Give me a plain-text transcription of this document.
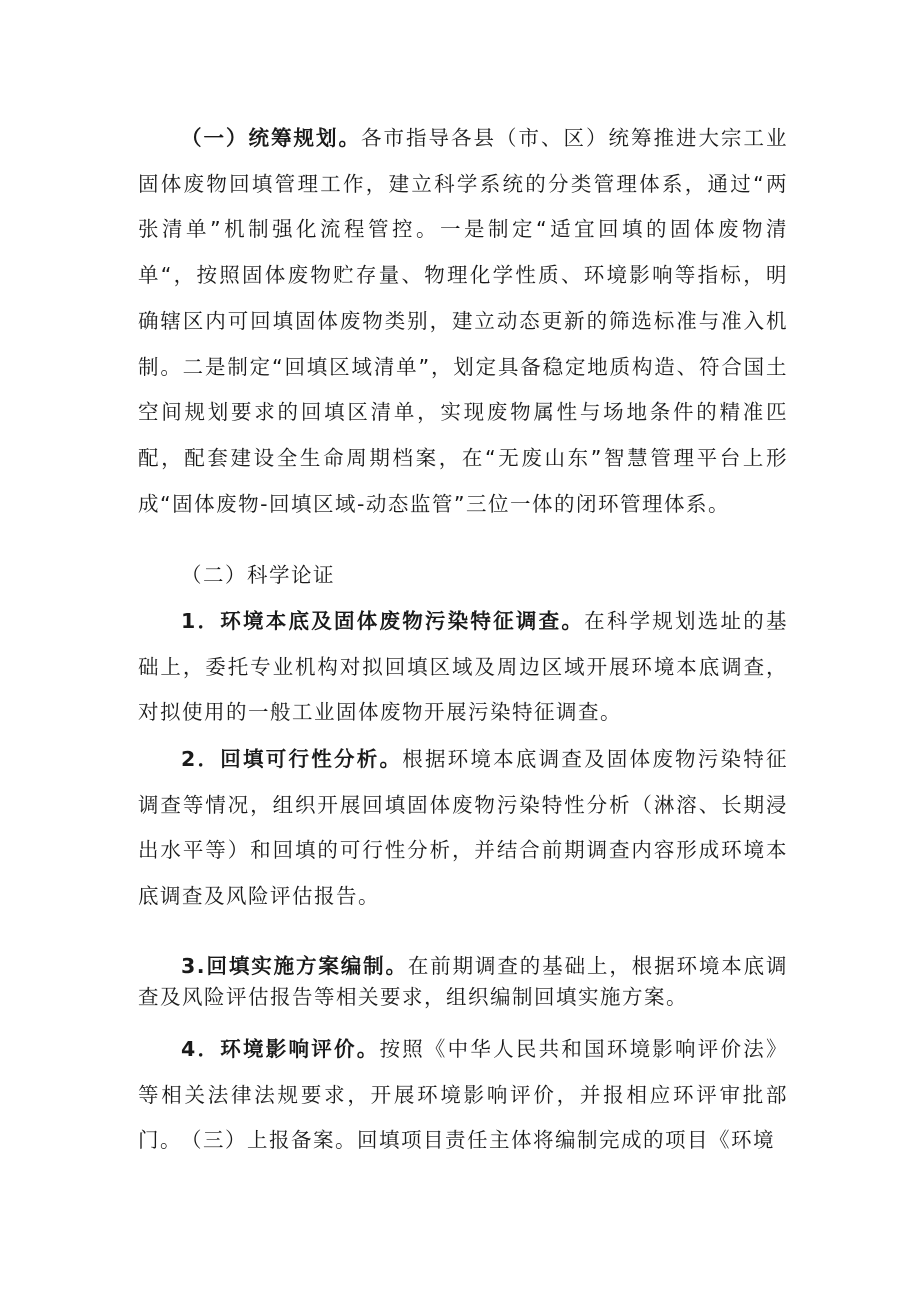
（一）统筹规划。各市指导各县（市、区）统筹推进大宗工业固体废物回填管理工作，建立科学系统的分类管理体系，通过“两张清单”机制强化流程管控。一是制定“适宜回填的固体废物清单“，按照固体废物贮存量、物理化学性质、环境影响等指标，明确辖区内可回填固体废物类别，建立动态更新的筛选标准与准入机制。二是制定“回填区域清单”，划定具备稳定地质构造、符合国土空间规划要求的回填区清单，实现废物属性与场地条件的精准匹配，配套建设全生命周期档案，在“无废山东”智慧管理平台上形成“固体废物-回填区域-动态监管”三位一体的闭环管理体系。

（二）科学论证

1．环境本底及固体废物污染特征调查。在科学规划选址的基础上，委托专业机构对拟回填区域及周边区域开展环境本底调查，对拟使用的一般工业固体废物开展污染特征调查。

2．回填可行性分析。根据环境本底调查及固体废物污染特征调查等情况，组织开展回填固体废物污染特性分析（淋溶、长期浸出水平等）和回填的可行性分析，并结合前期调查内容形成环境本底调查及风险评估报告。

3.回填实施方案编制。在前期调查的基础上，根据环境本底调查及风险评估报告等相关要求，组织编制回填实施方案。

4．环境影响评价。按照《中华人民共和国环境影响评价法》等相关法律法规要求，开展环境影响评价，并报相应环评审批部门。 （三）上报备案。回填项目责任主体将编制完成的项目《环境
